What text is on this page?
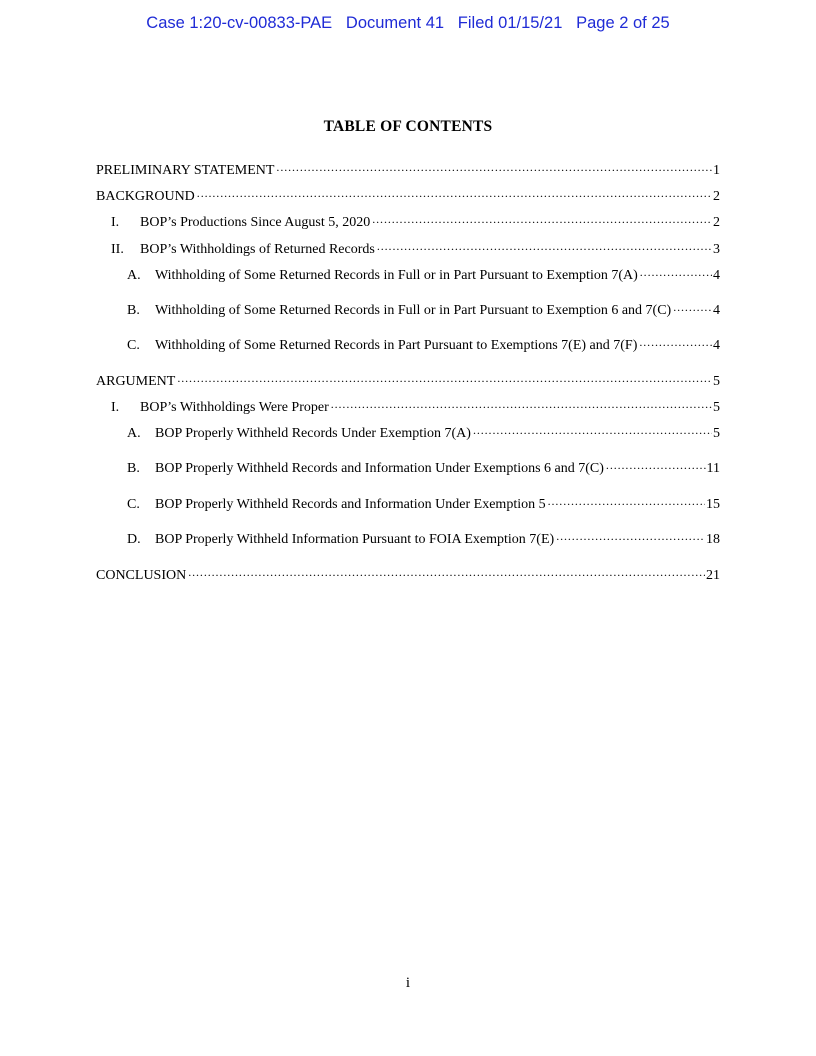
Case 1:20-cv-00833-PAE   Document 41   Filed 01/15/21   Page 2 of 25
TABLE OF CONTENTS
PRELIMINARY STATEMENT .....	1
BACKGROUND .....	2
I.	BOP’s Productions Since August 5, 2020 .....	2
II.	BOP’s Withholdings of Returned Records .....	3
A.	Withholding of Some Returned Records in Full or in Part Pursuant to Exemption 7(A) .....	4
B.	Withholding of Some Returned Records in Full or in Part Pursuant to Exemption 6 and 7(C) .....	4
C.	Withholding of Some Returned Records in Part Pursuant to Exemptions 7(E) and 7(F) .....	4
ARGUMENT .....	5
I.	BOP’s Withholdings Were Proper .....	5
A.	BOP Properly Withheld Records Under Exemption 7(A) .....	5
B.	BOP Properly Withheld Records and Information Under Exemptions 6 and 7(C) .....	11
C.	BOP Properly Withheld Records and Information Under Exemption 5 .....	15
D.	BOP Properly Withheld Information Pursuant to FOIA Exemption 7(E) .....	18
CONCLUSION .....	21
i
